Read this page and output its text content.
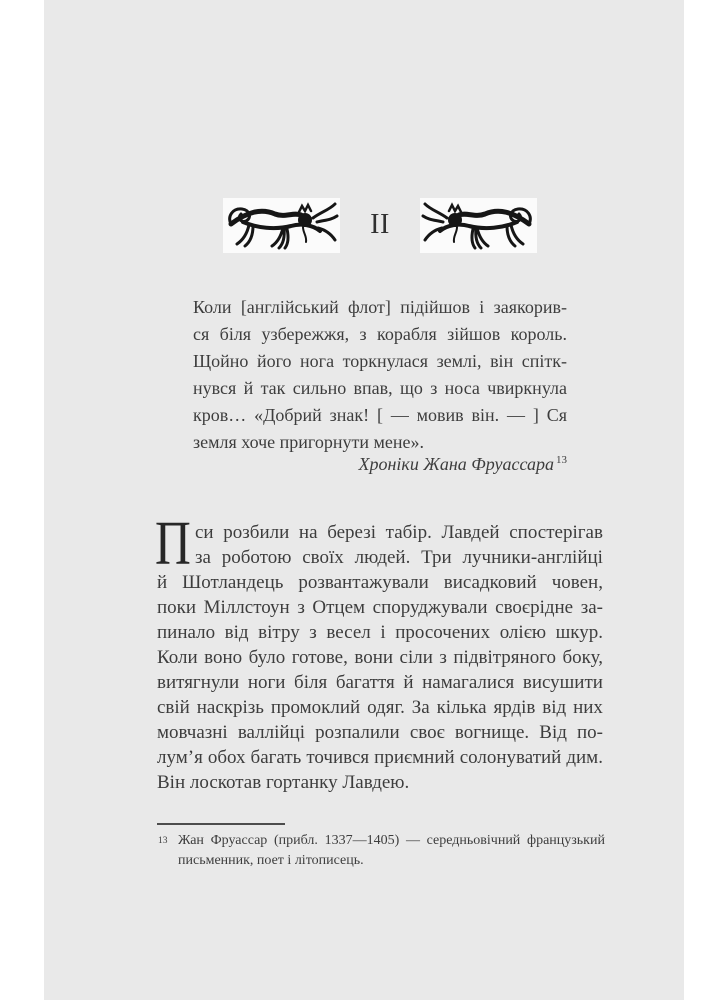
II
Коли [англійський флот] підійшов і заякорив-
ся біля узбережжя, з корабля зійшов король.
Щойно його нога торкнулася землі, він спітк-
нувся й так сильно впав, що з носа чвиркнула
кров… «Добрий знак! [ — мовив він. — ] Ся
земля хоче пригорнути мене».
Хроніки Жана Фруассара $^{13}$
П си розбили на березі табір. Лавдей спостерігав
за роботою своїх людей. Три лучники-англійці
й Шотландець розвантажували висадковий човен,
поки Міллстоун з Отцем споруджували своєрідне за-
пинало від вітру з весел і просочених олією шкур.
Коли воно було готове, вони сіли з підвітряного боку,
витягнули ноги біля багаття й намагалися висушити
свій наскрізь промоклий одяг. За кілька ярдів від них
мовчазні валлійці розпалили своє вогнище. Від по-
лум’я обох багать точився приємний солонуватий дим.
Він лоскотав гортанку Лавдею.
13 Жан Фруассар (прибл. 1337—1405) — середньовічний французький
письменник, поет і літописець.
